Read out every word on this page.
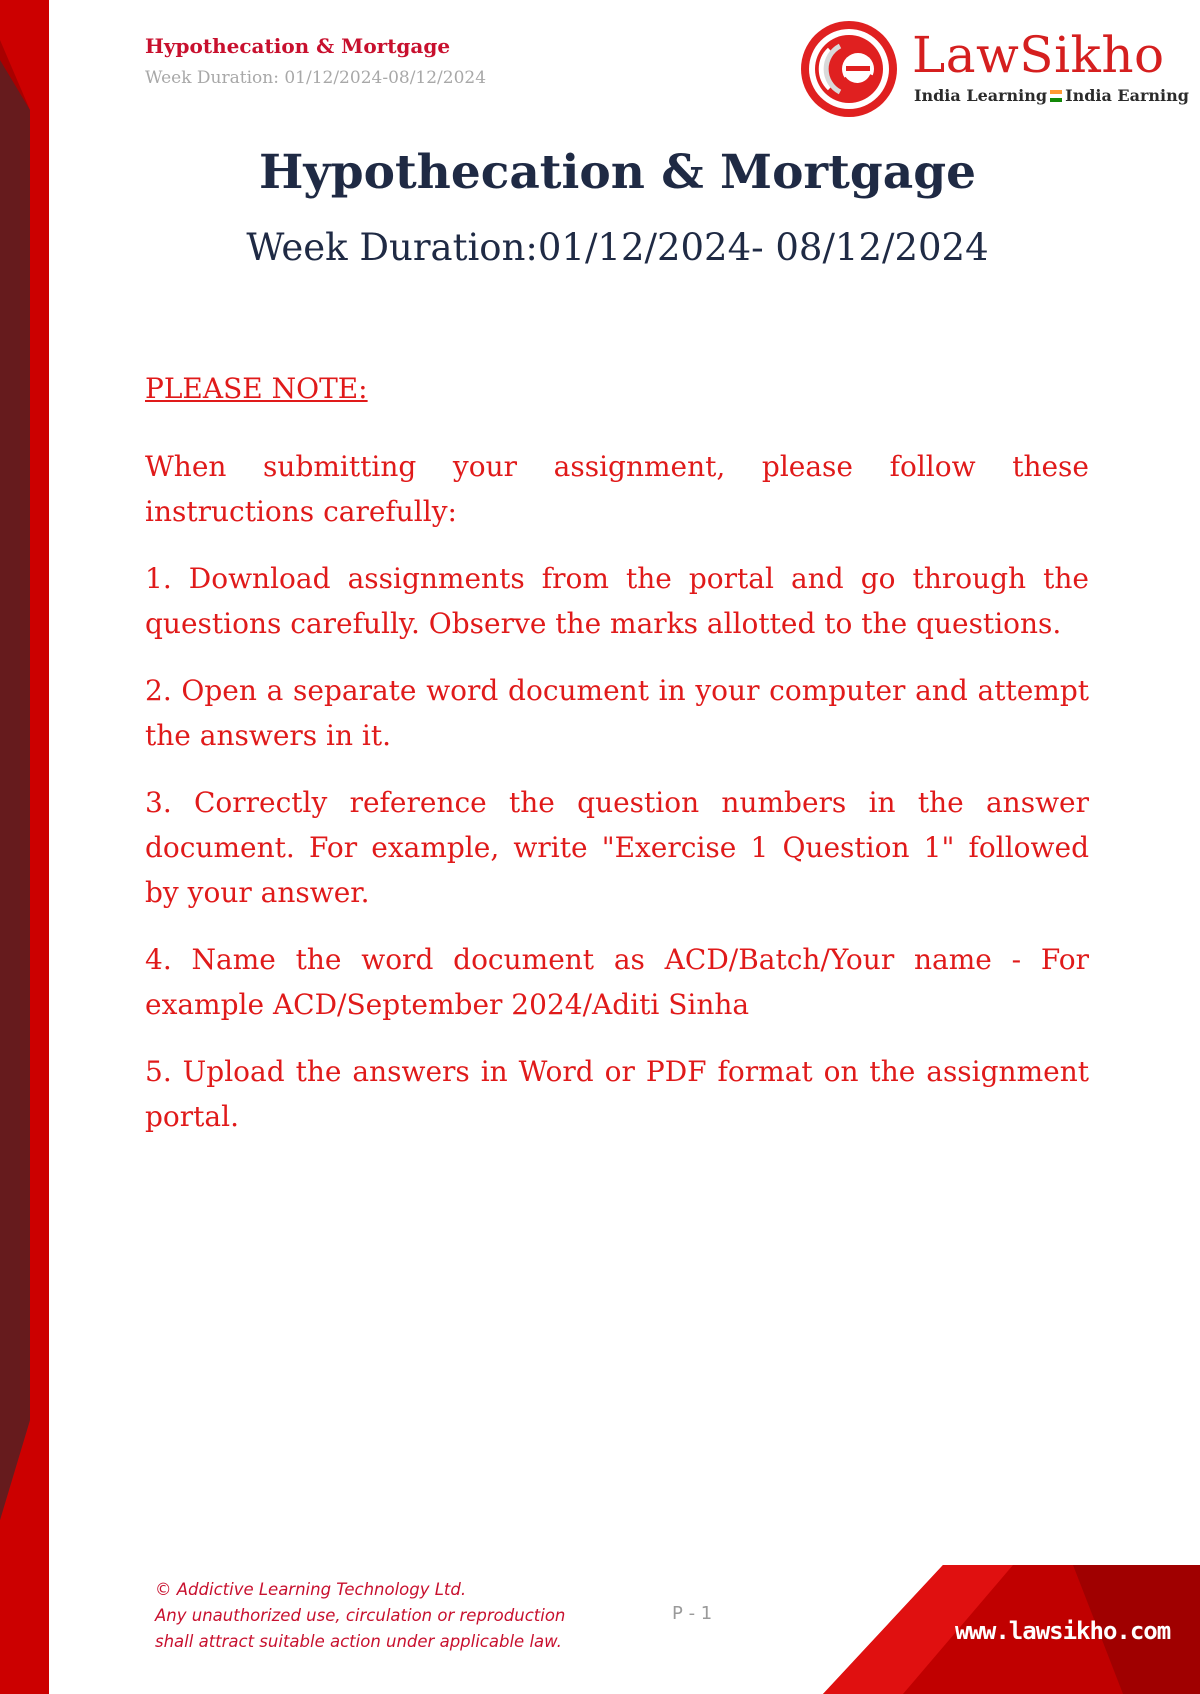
Hypothecation & Mortgage
Week Duration: 01/12/2024-08/12/2024	LawSikho
India Learning India Earning
Hypothecation & Mortgage
Week Duration:01/12/2024- 08/12/2024

PLEASE NOTE:

When submitting your assignment, please follow these instructions carefully:

1. Download assignments from the portal and go through the questions carefully. Observe the marks allotted to the questions.

2. Open a separate word document in your computer and attempt the answers in it.

3. Correctly reference the question numbers in the answer document. For example, write "Exercise 1 Question 1" followed by your answer.

4. Name the word document as ACD/Batch/Your name - For example ACD/September 2024/Aditi Sinha

5. Upload the answers in Word or PDF format on the assignment portal.

© Addictive Learning Technology Ltd.
Any unauthorized use, circulation or reproduction
shall attract suitable action under applicable law.
P - 1
www.lawsikho.com
